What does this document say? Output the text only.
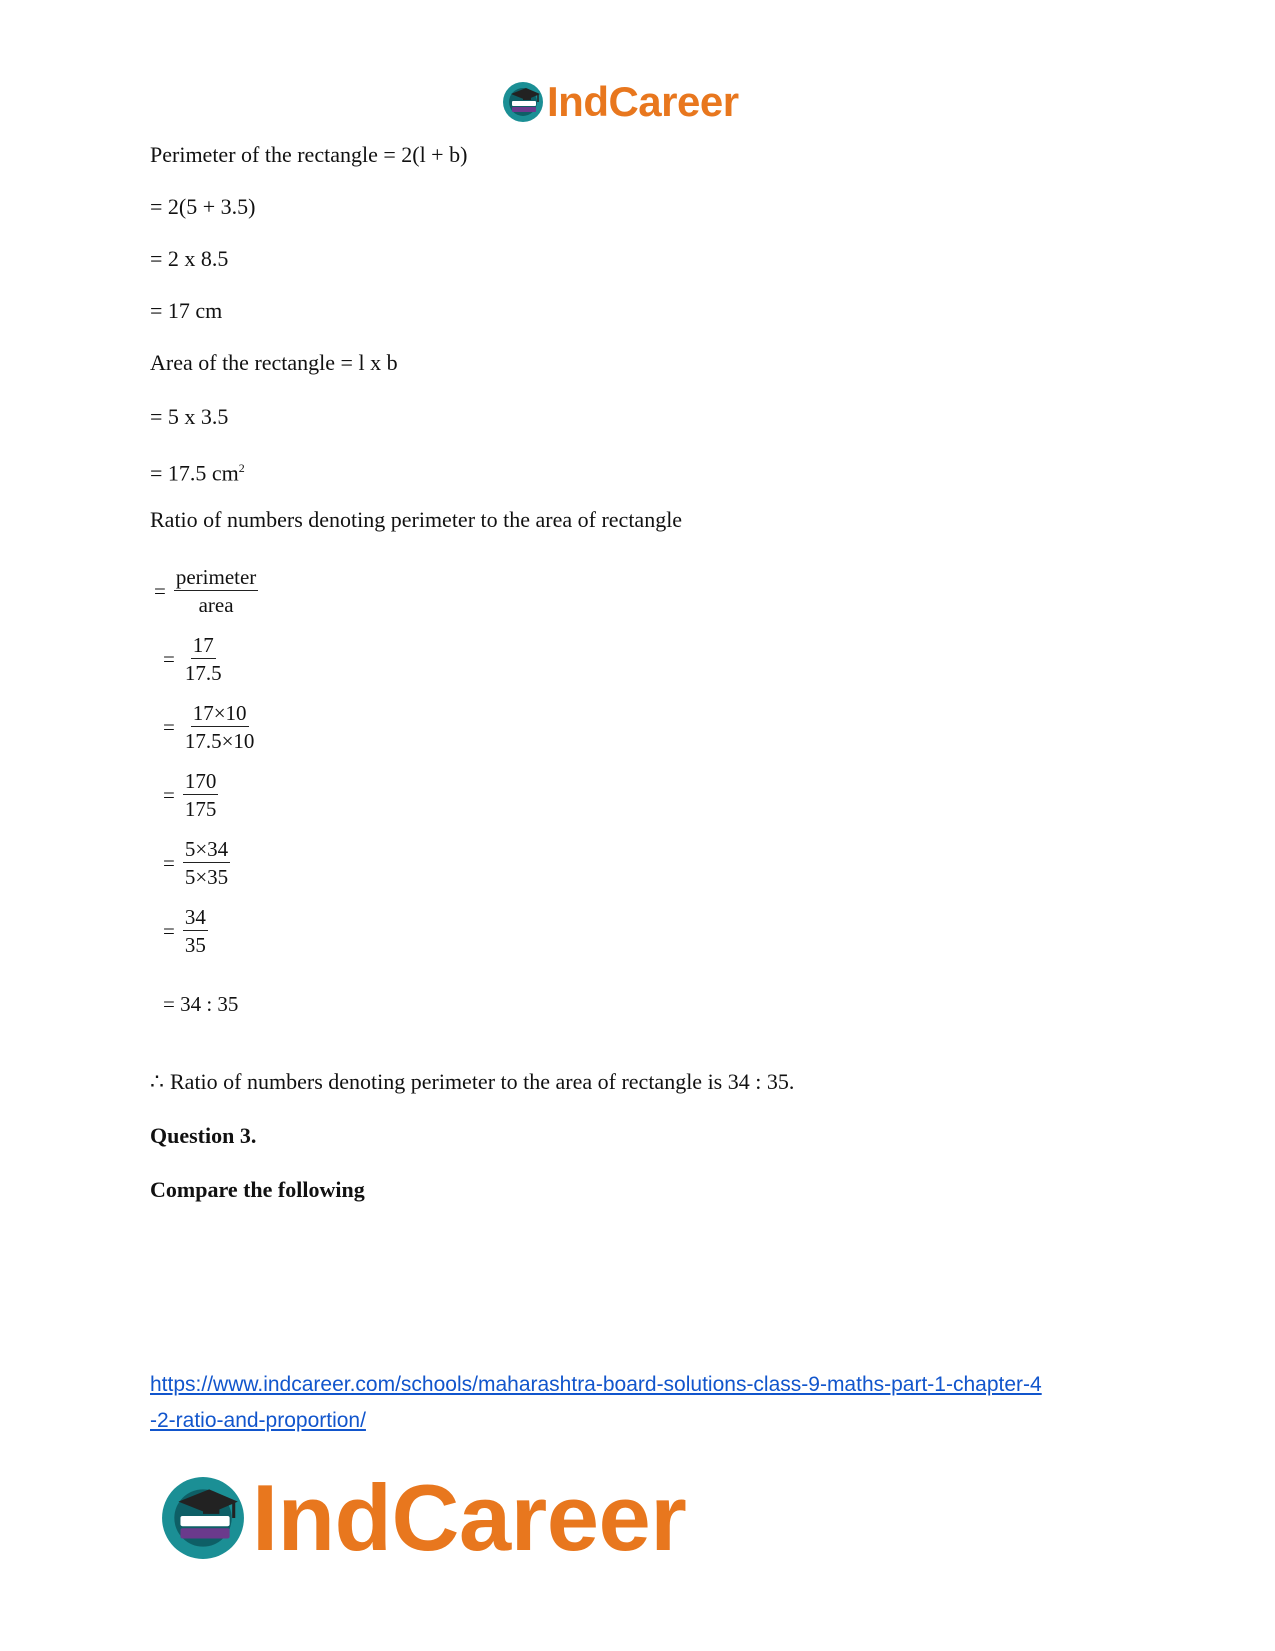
IndCareer
Perimeter of the rectangle = 2(l + b)
= 2(5 + 3.5)
= 2 x 8.5
= 17 cm
Area of the rectangle = l x b
= 5 x 3.5
= 17.5 $cm^2$
Ratio of numbers denoting perimeter to the area of rectangle
= $\frac{\text{perimeter}}{\text{area}}$
= $\frac{17}{17.5}$
= $\frac{17\times 10}{17.5\times 10}$
= $\frac{170}{175}$
= $\frac{5\times 34}{5\times 35}$
= $\frac{34}{35}$
= 34 : 35
∴ Ratio of numbers denoting perimeter to the area of rectangle is 34 : 35.
Question 3.
Compare the following
https://www.indcareer.com/schools/maharashtra-board-solutions-class-9-maths-part-1-chapter-4
-2-ratio-and-proportion/
IndCareer
